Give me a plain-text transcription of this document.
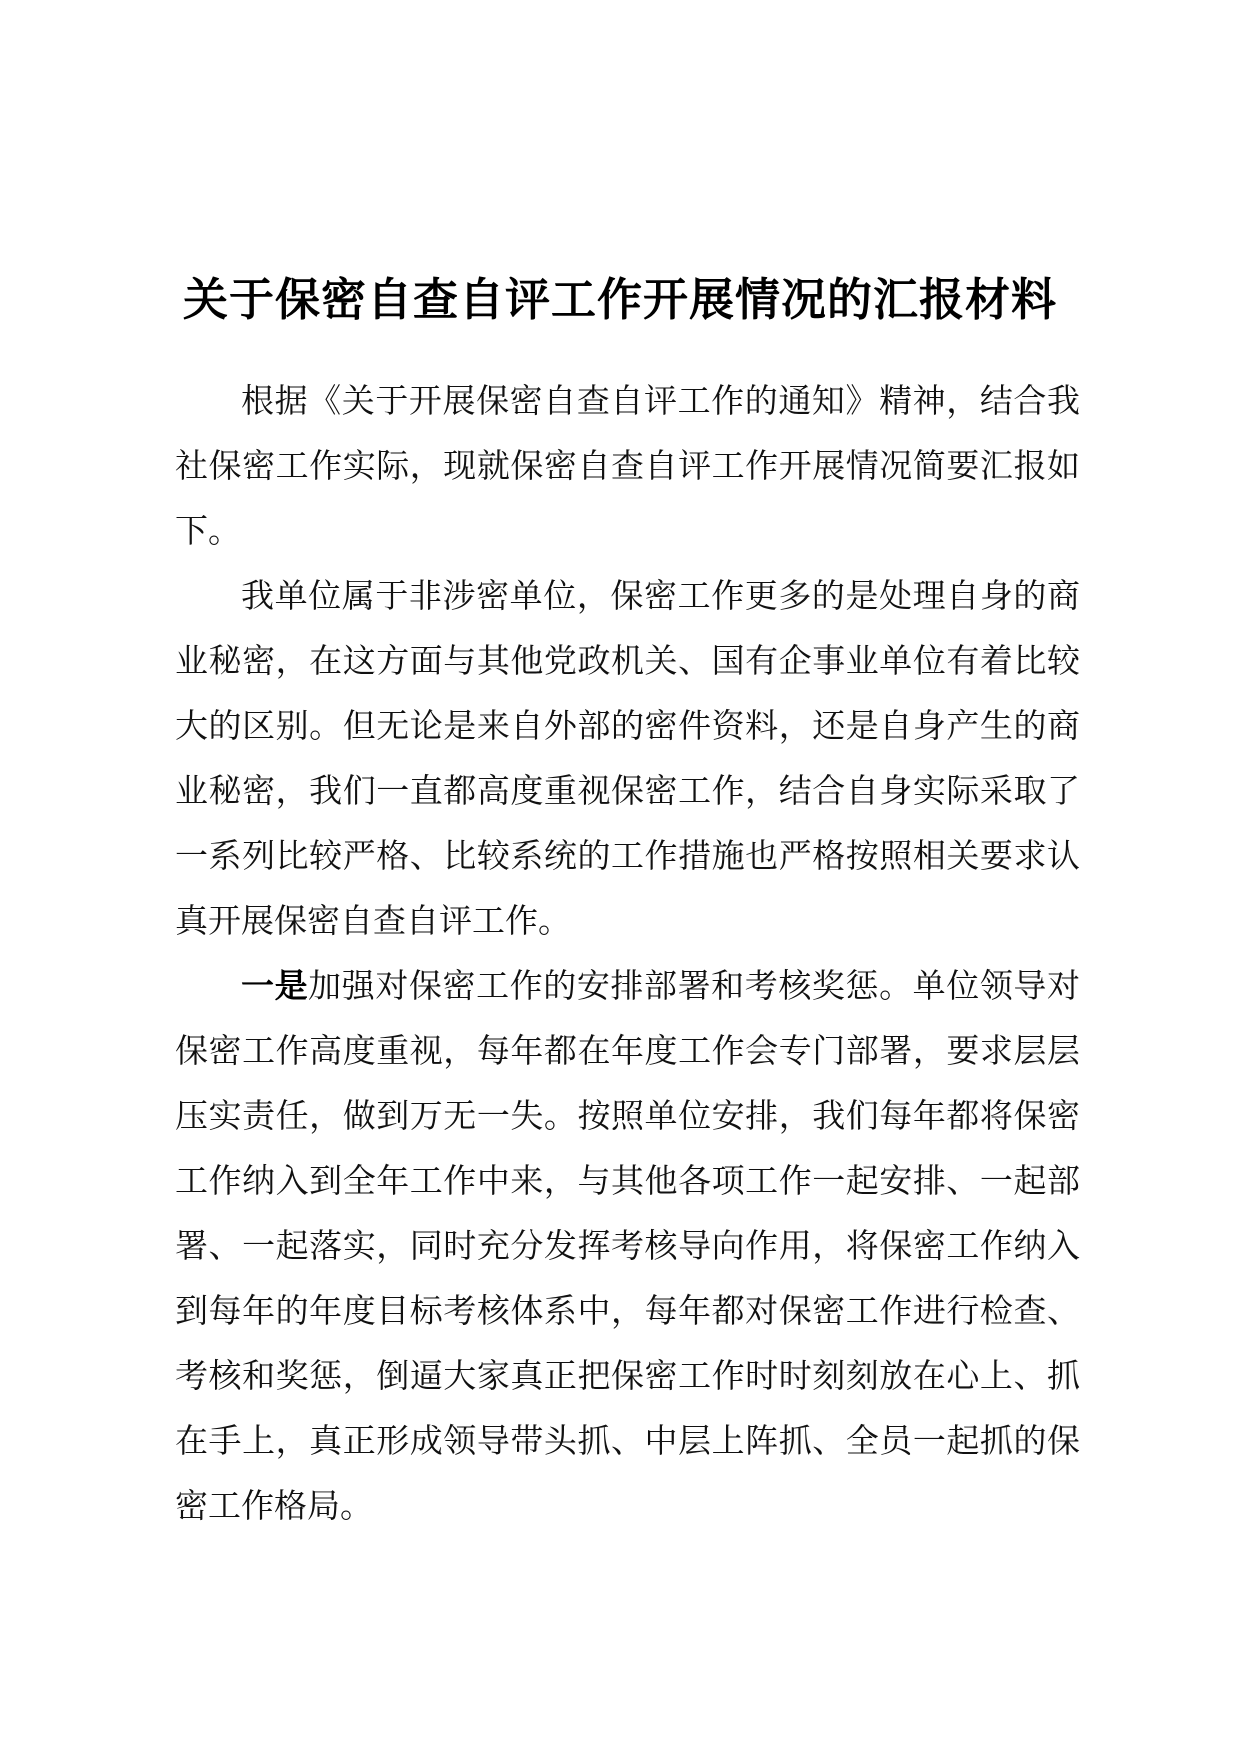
关于保密自查自评工作开展情况的汇报材料

根据《关于开展保密自查自评工作的通知》精神，结合我社保密工作实际，现就保密自查自评工作开展情况简要汇报如下。

我单位属于非涉密单位，保密工作更多的是处理自身的商业秘密，在这方面与其他党政机关、国有企事业单位有着比较大的区别。但无论是来自外部的密件资料，还是自身产生的商业秘密，我们一直都高度重视保密工作，结合自身实际采取了一系列比较严格、比较系统的工作措施也严格按照相关要求认真开展保密自查自评工作。

一是加强对保密工作的安排部署和考核奖惩。单位领导对保密工作高度重视，每年都在年度工作会专门部署，要求层层压实责任，做到万无一失。按照单位安排，我们每年都将保密工作纳入到全年工作中来，与其他各项工作一起安排、一起部署、一起落实，同时充分发挥考核导向作用，将保密工作纳入到每年的年度目标考核体系中，每年都对保密工作进行检查、考核和奖惩，倒逼大家真正把保密工作时时刻刻放在心上、抓在手上，真正形成领导带头抓、中层上阵抓、全员一起抓的保密工作格局。
